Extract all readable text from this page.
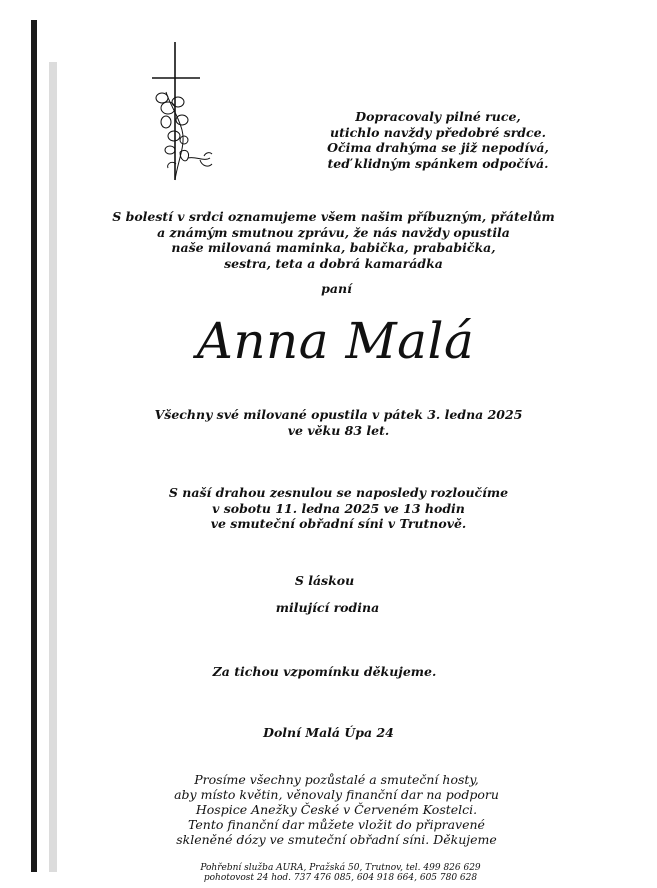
Dopracovaly pilné ruce,
utichlo navždy předobré srdce.
Očima drahýma se již nepodívá,
teď klidným spánkem odpočívá.
S bolestí v srdci oznamujeme všem našim příbuzným, přátelům
a známým smutnou zprávu, že nás navždy opustila
naše milovaná maminka, babička, prababička,
sestra, teta a dobrá kamarádka
paní
Anna Malá
Všechny své milované opustila v pátek 3. ledna 2025
ve věku 83 let.
S naší drahou zesnulou se naposledy rozloučíme
v sobotu 11. ledna 2025 ve 13 hodin
ve smuteční obřadní síni v Trutnově.
S láskou
milující rodina
Za tichou vzpomínku děkujeme.
Dolní Malá Úpa 24
Prosíme všechny pozůstalé a smuteční hosty,
aby místo květin, věnovaly finanční dar na podporu
Hospice Anežky České v Červeném Kostelci.
Tento finanční dar můžete vložit do připravené
skleněné dózy ve smuteční obřadní síni. Děkujeme
Pohřební služba AURA, Pražská 50, Trutnov, tel. 499 826 629
pohotovost 24 hod. 737 476 085, 604 918 664, 605 780 628
